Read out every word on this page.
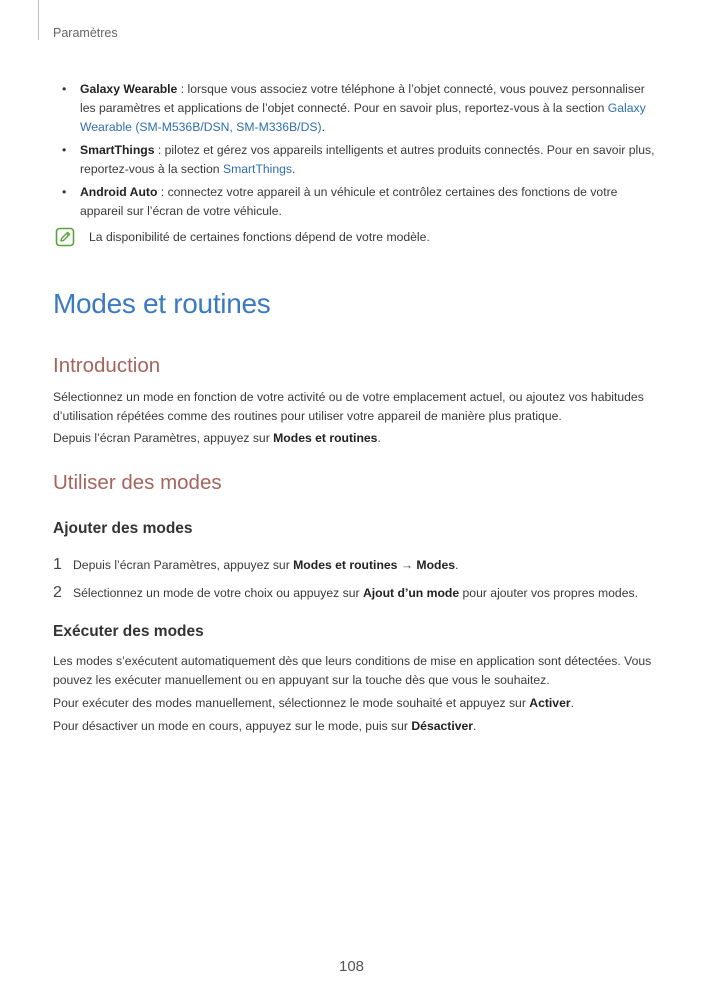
Paramètres
• Galaxy Wearable : lorsque vous associez votre téléphone à l’objet connecté, vous pouvez personnaliser les paramètres et applications de l’objet connecté. Pour en savoir plus, reportez-vous à la section Galaxy Wearable (SM-M536B/DSN, SM-M336B/DS).
• SmartThings : pilotez et gérez vos appareils intelligents et autres produits connectés. Pour en savoir plus, reportez-vous à la section SmartThings.
• Android Auto : connectez votre appareil à un véhicule et contrôlez certaines des fonctions de votre appareil sur l’écran de votre véhicule.
La disponibilité de certaines fonctions dépend de votre modèle.
Modes et routines
Introduction

Sélectionnez un mode en fonction de votre activité ou de votre emplacement actuel, ou ajoutez vos habitudes d’utilisation répétées comme des routines pour utiliser votre appareil de manière plus pratique.

Depuis l’écran Paramètres, appuyez sur Modes et routines.

Utiliser des modes
Ajouter des modes
1 Depuis l’écran Paramètres, appuyez sur Modes et routines → Modes.
2 Sélectionnez un mode de votre choix ou appuyez sur Ajout d’un mode pour ajouter vos propres modes.
Exécuter des modes

Les modes s’exécutent automatiquement dès que leurs conditions de mise en application sont détectées. Vous pouvez les exécuter manuellement ou en appuyant sur la touche dès que vous le souhaitez.

Pour exécuter des modes manuellement, sélectionnez le mode souhaité et appuyez sur Activer.

Pour désactiver un mode en cours, appuyez sur le mode, puis sur Désactiver.

108
